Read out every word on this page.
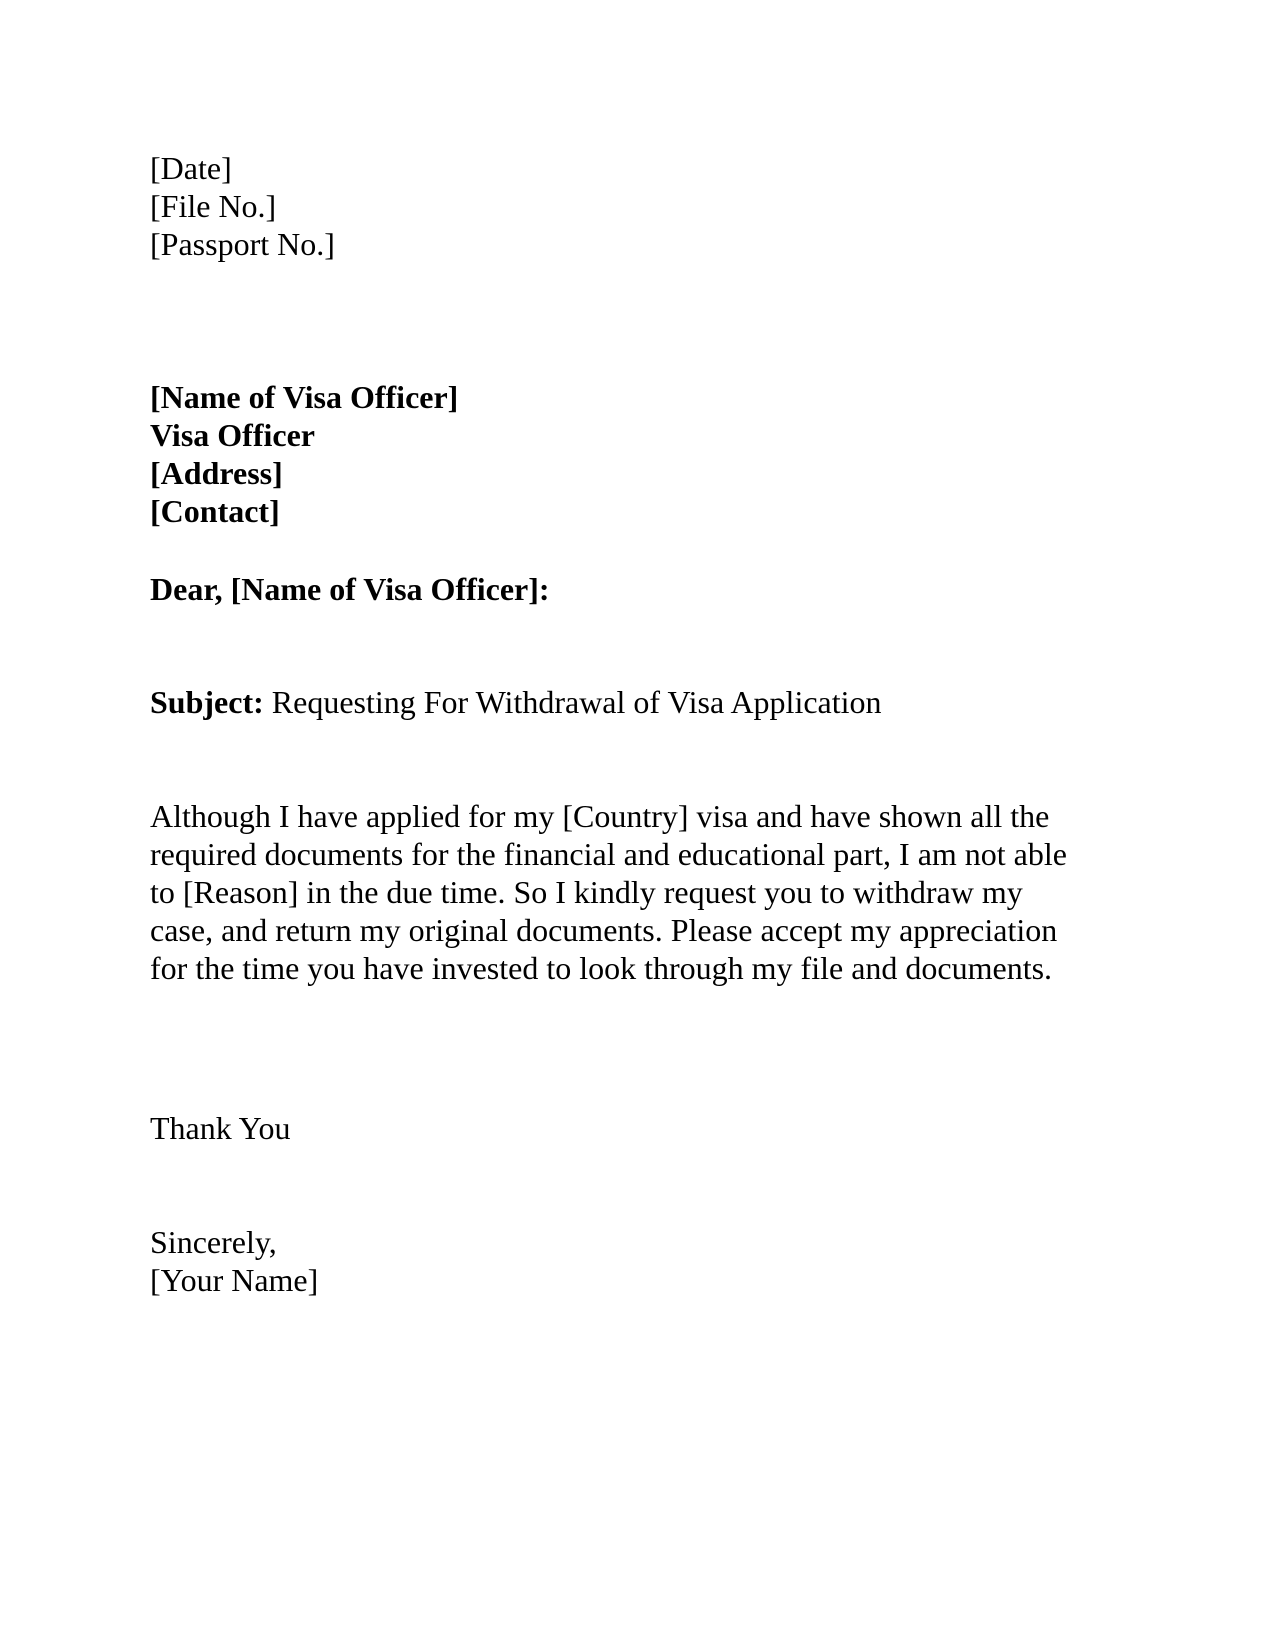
[Date]
[File No.]
[Passport No.]
[Name of Visa Officer]
Visa Officer
[Address]
[Contact]
Dear, [Name of Visa Officer]:
Subject: Requesting For Withdrawal of Visa Application
Although I have applied for my [Country] visa and have shown all the
required documents for the financial and educational part, I am not able
to [Reason] in the due time. So I kindly request you to withdraw my
case, and return my original documents. Please accept my appreciation
for the time you have invested to look through my file and documents.
Thank You
Sincerely,
[Your Name]
